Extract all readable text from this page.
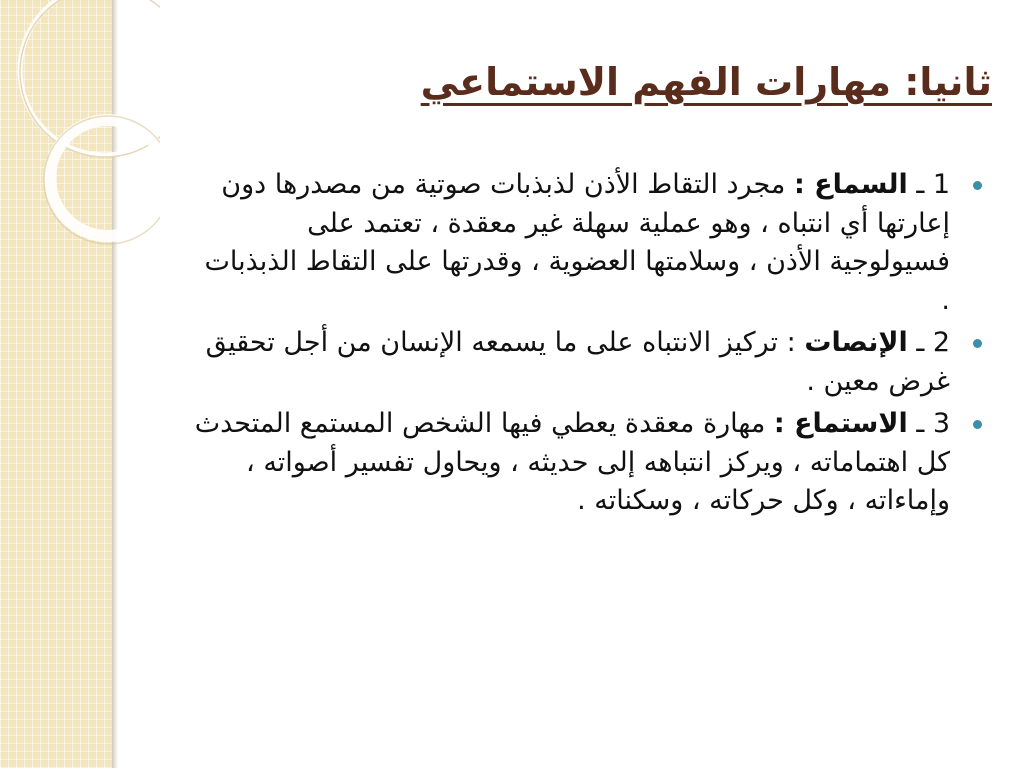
ثانيا: مهارات الفهم الاستماعي
1 ـ السماع : مجرد التقاط الأذن لذبذبات صوتية من مصدرها دون إعارتها أي انتباه ، وهو عملية سهلة غير معقدة ، تعتمد على فسيولوجية الأذن ، وسلامتها العضوية ، وقدرتها على التقاط الذبذبات .
2 ـ الإنصات : تركيز الانتباه على ما يسمعه الإنسان من أجل تحقيق غرض معين .
3 ـ الاستماع : مهارة معقدة يعطي فيها الشخص المستمع المتحدث كل اهتماماته ، ويركز انتباهه إلى حديثه ، ويحاول تفسير أصواته ، وإماءاته ، وكل حركاته ، وسكناته .
